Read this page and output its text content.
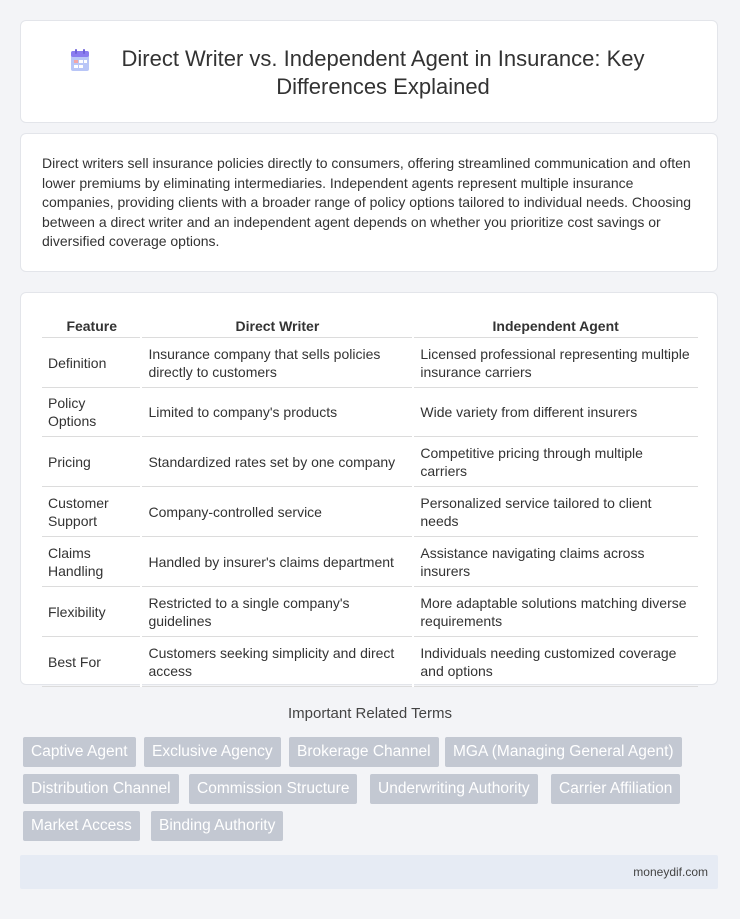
Direct Writer vs. Independent Agent in Insurance: Key Differences Explained
Direct writers sell insurance policies directly to consumers, offering streamlined communication and often lower premiums by eliminating intermediaries. Independent agents represent multiple insurance companies, providing clients with a broader range of policy options tailored to individual needs. Choosing between a direct writer and an independent agent depends on whether you prioritize cost savings or diversified coverage options.
Feature	Direct Writer	Independent Agent
Definition	Insurance company that sells policies directly to customers	Licensed professional representing multiple insurance carriers
Policy Options	Limited to company's products	Wide variety from different insurers
Pricing	Standardized rates set by one company	Competitive pricing through multiple carriers
Customer Support	Company-controlled service	Personalized service tailored to client needs
Claims Handling	Handled by insurer's claims department	Assistance navigating claims across insurers
Flexibility	Restricted to a single company's guidelines	More adaptable solutions matching diverse requirements
Best For	Customers seeking simplicity and direct access	Individuals needing customized coverage and options
Important Related Terms
Captive Agent	Exclusive Agency	Brokerage Channel	MGA (Managing General Agent)
Distribution Channel	Commission Structure	Underwriting Authority	Carrier Affiliation
Market Access	Binding Authority
moneydif.com
